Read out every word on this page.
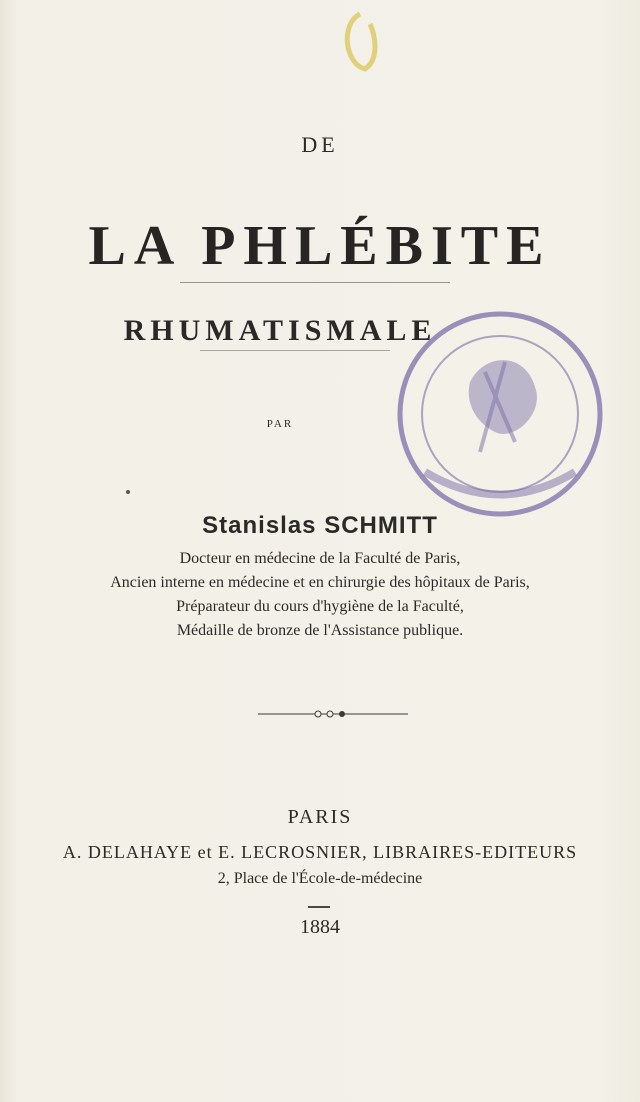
DE
LA PHLÉBITE
RHUMATISMALE
PAR
Stanislas SCHMITT
Docteur en médecine de la Faculté de Paris,
Ancien interne en médecine et en chirurgie des hôpitaux de Paris,
Préparateur du cours d'hygiène de la Faculté,
Médaille de bronze de l'Assistance publique.
PARIS
A. DELAHAYE et E. LECROSNIER, LIBRAIRES-EDITEURS
2, Place de l'École-de-médecine
1884
